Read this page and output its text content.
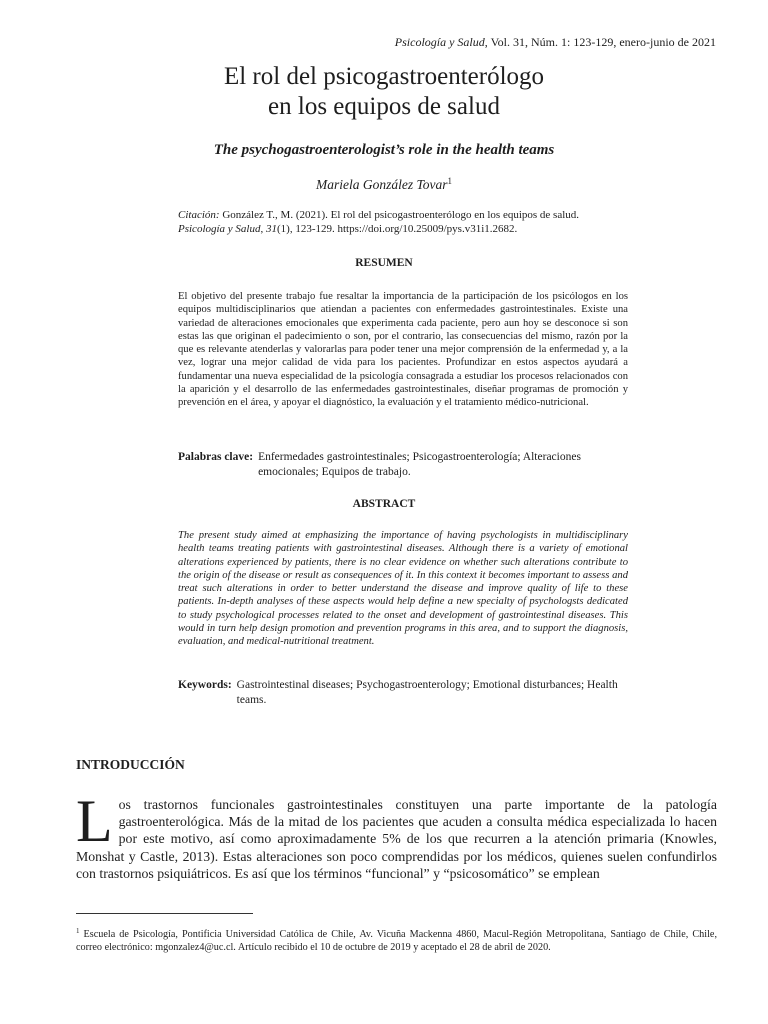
Psicología y Salud, Vol. 31, Núm. 1: 123-129, enero-junio de 2021
El rol del psicogastroenterólogo
en los equipos de salud
The psychogastroenterologist’s role in the health teams
Mariela González Tovar$^1$
Citación: González T., M. (2021). El rol del psicogastroenterólogo en los equipos de salud. Psicología y Salud, 31(1), 123-129. https://doi.org/10.25009/pys.v31i1.2682.
RESUMEN
El objetivo del presente trabajo fue resaltar la importancia de la participación de los psicólogos en los equipos multidisciplinarios que atiendan a pacientes con enfermedades gastrointestinales. Existe una variedad de alteraciones emocionales que experimenta cada paciente, pero aun hoy se desconoce si son estas las que originan el padecimiento o son, por el contrario, las consecuencias del mismo, razón por la que es relevante atenderlas y valorarlas para poder tener una mejor comprensión de la enfermedad y, a la vez, lograr una mejor calidad de vida para los pacientes. Profundizar en estos aspectos ayudará a fundamentar una nueva especialidad de la psicología consagrada a estudiar los procesos relacionados con la aparición y el desarrollo de las enfermedades gastrointestinales, diseñar programas de promoción y prevención en el área, y apoyar el diagnóstico, la evaluación y el tratamiento médico-nutricional.
Palabras clave: Enfermedades gastrointestinales; Psicogastroenterología; Alteraciones emocionales; Equipos de trabajo.
ABSTRACT
The present study aimed at emphasizing the importance of having psychologists in multidisciplinary health teams treating patients with gastrointestinal diseases. Although there is a variety of emotional alterations experienced by patients, there is no clear evidence on whether such alterations contribute to the origin of the disease or result as consequences of it. In this context it becomes important to assess and treat such alterations in order to better understand the disease and improve quality of life to these patients. In-depth analyses of these aspects would help define a new specialty of psychologsts dedicated to study psychological processes related to the onset and development of gastrointestinal diseases. This would in turn help design promotion and prevention programs in this area, and to support the diagnosis, evaluation, and medical-nutritional treatment.
Keywords: Gastrointestinal diseases; Psychogastroenterology; Emotional disturbances; Health teams.
INTRODUCCIÓN
Los trastornos funcionales gastrointestinales constituyen una parte importante de la patología gastroenterológica. Más de la mitad de los pacientes que acuden a consulta médica especializada lo hacen por este motivo, así como aproximadamente 5% de los que recurren a la atención primaria (Knowles, Monshat y Castle, 2013). Estas alteraciones son poco comprendidas por los médicos, quienes suelen confundirlos con trastornos psiquiátricos. Es así que los términos “funcional” y “psicosomático” se emplean
$^1$ Escuela de Psicología, Pontificia Universidad Católica de Chile, Av. Vicuña Mackenna 4860, Macul-Región Metropolitana, Santiago de Chile, Chile, correo electrónico: mgonzalez4@uc.cl. Artículo recibido el 10 de octubre de 2019 y aceptado el 28 de abril de 2020.
